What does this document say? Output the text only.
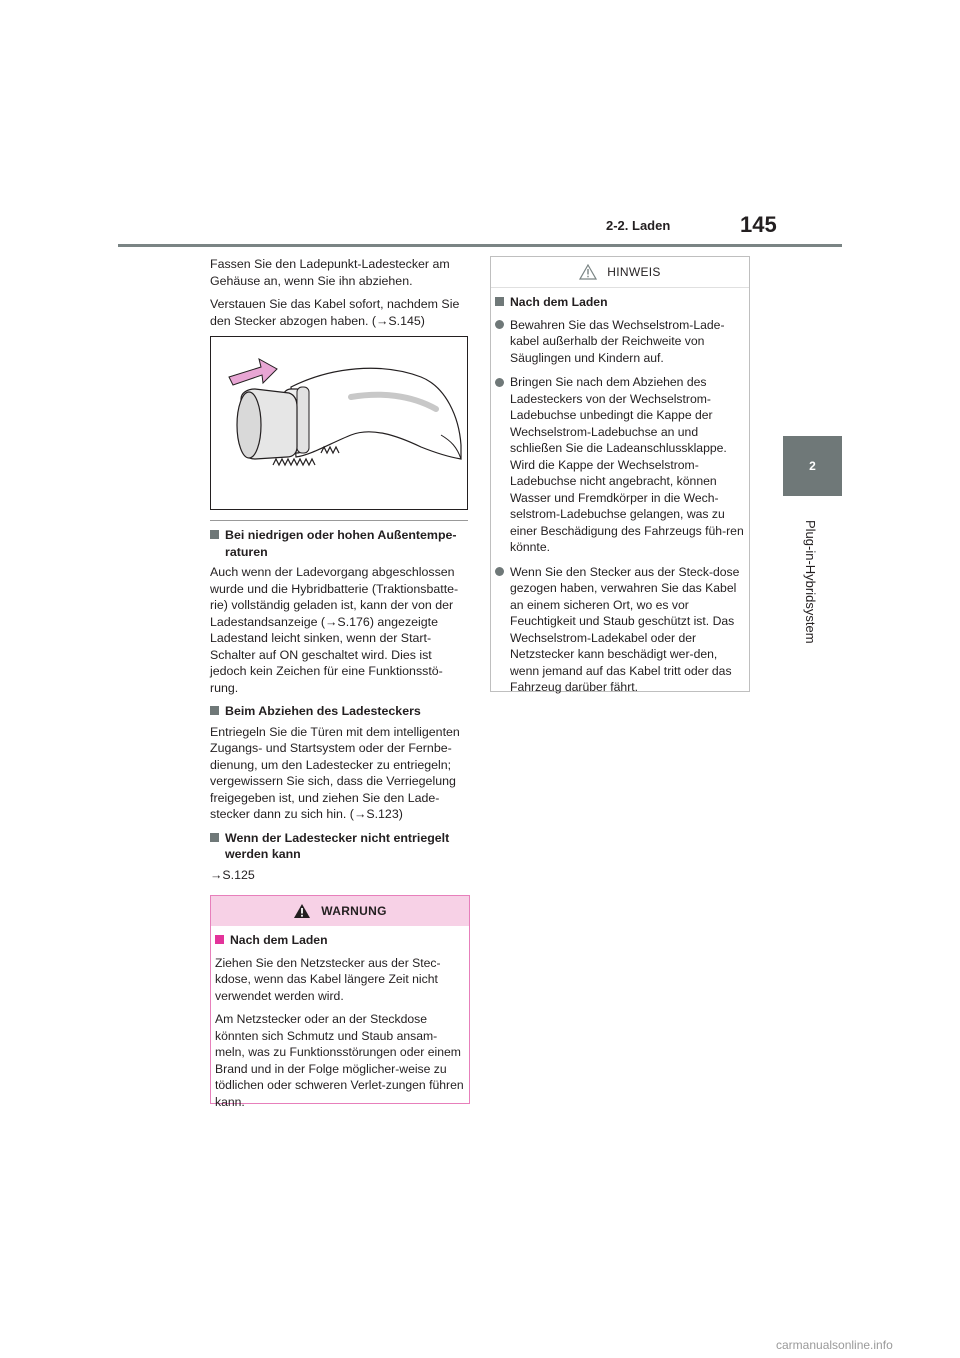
2-2. Laden	145
2
Plug-in-Hybridsystem

Fassen Sie den Ladepunkt-Ladestecker am Gehäuse an, wenn Sie ihn abziehen.

Verstauen Sie das Kabel sofort, nachdem Sie den Stecker abzogen haben. (→S.145)

Bei niedrigen oder hohen Außentempe-raturen

Auch wenn der Ladevorgang abgeschlossen wurde und die Hybridbatterie (Traktionsbatte-rie) vollständig geladen ist, kann der von der Ladestandsanzeige (→S.176) angezeigte Ladestand leicht sinken, wenn der Start-Schalter auf ON geschaltet wird. Dies ist jedoch kein Zeichen für eine Funktionsstö-rung.

Beim Abziehen des Ladesteckers

Entriegeln Sie die Türen mit dem intelligenten Zugangs- und Startsystem oder der Fernbe-dienung, um den Ladestecker zu entriegeln; vergewissern Sie sich, dass die Verriegelung freigegeben ist, und ziehen Sie den Lade-stecker dann zu sich hin. (→S.123)

Wenn der Ladestecker nicht entriegelt werden kann

→S.125

WARNUNG
Nach dem Laden

Ziehen Sie den Netzstecker aus der Stec-kdose, wenn das Kabel längere Zeit nicht verwendet werden wird.

Am Netzstecker oder an der Steckdose könnten sich Schmutz und Staub ansam-meln, was zu Funktionsstörungen oder einem Brand und in der Folge möglicher-weise zu tödlichen oder schweren Verlet-zungen führen kann.

HINWEIS
Nach dem Laden
Bewahren Sie das Wechselstrom-Lade-kabel außerhalb der Reichweite von Säuglingen und Kindern auf.
Bringen Sie nach dem Abziehen des Ladesteckers von der Wechselstrom-Ladebuchse unbedingt die Kappe der Wechselstrom-Ladebuchse an und schließen Sie die Ladeanschlussklappe. Wird die Kappe der Wechselstrom-Ladebuchse nicht angebracht, können Wasser und Fremdkörper in die Wech-selstrom-Ladebuchse gelangen, was zu einer Beschädigung des Fahrzeugs füh-ren könnte.
Wenn Sie den Stecker aus der Steck-dose gezogen haben, verwahren Sie das Kabel an einem sicheren Ort, wo es vor Feuchtigkeit und Staub geschützt ist. Das Wechselstrom-Ladekabel oder der Netzstecker kann beschädigt wer-den, wenn jemand auf das Kabel tritt oder das Fahrzeug darüber fährt.
carmanualsonline.info
